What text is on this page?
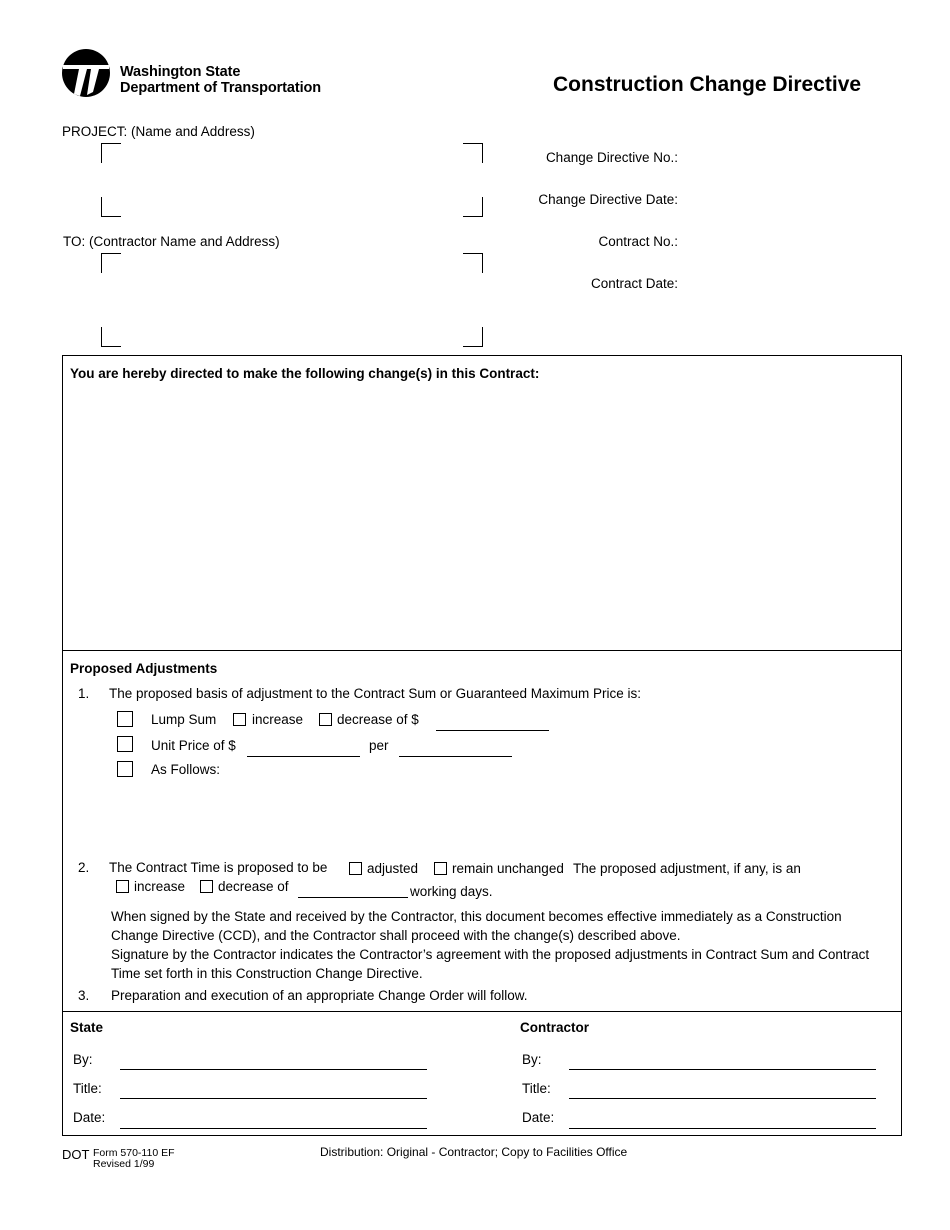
Washington State
Department of Transportation	Construction Change Directive
PROJECT: (Name and Address)
TO: (Contractor Name and Address)
Change Directive No.:
Change Directive Date:
Contract No.:
Contract Date:
You are hereby directed to make the following change(s) in this Contract:
Proposed Adjustments
1. The proposed basis of adjustment to the Contract Sum or Guaranteed Maximum Price is:
Lump Sum	increase	decrease of $
Unit Price of $	per
As Follows:
2. The Contract Time is proposed to be	adjusted	remain unchanged The proposed adjustment, if any, is an
increase decrease of	working days.
When signed by the State and received by the Contractor, this document becomes effective immediately as a Construction Change Directive (CCD), and the Contractor shall proceed with the change(s) described above.
Signature by the Contractor indicates the Contractor’s agreement with the proposed adjustments in Contract Sum and Contract Time set forth in this Construction Change Directive.
3. Preparation and execution of an appropriate Change Order will follow.
State
By:
Title:
Date:
Contractor
By:
Title:
Date:
DOT Form 570-110 EF
Revised 1/99
Distribution: Original - Contractor; Copy to Facilities Office
